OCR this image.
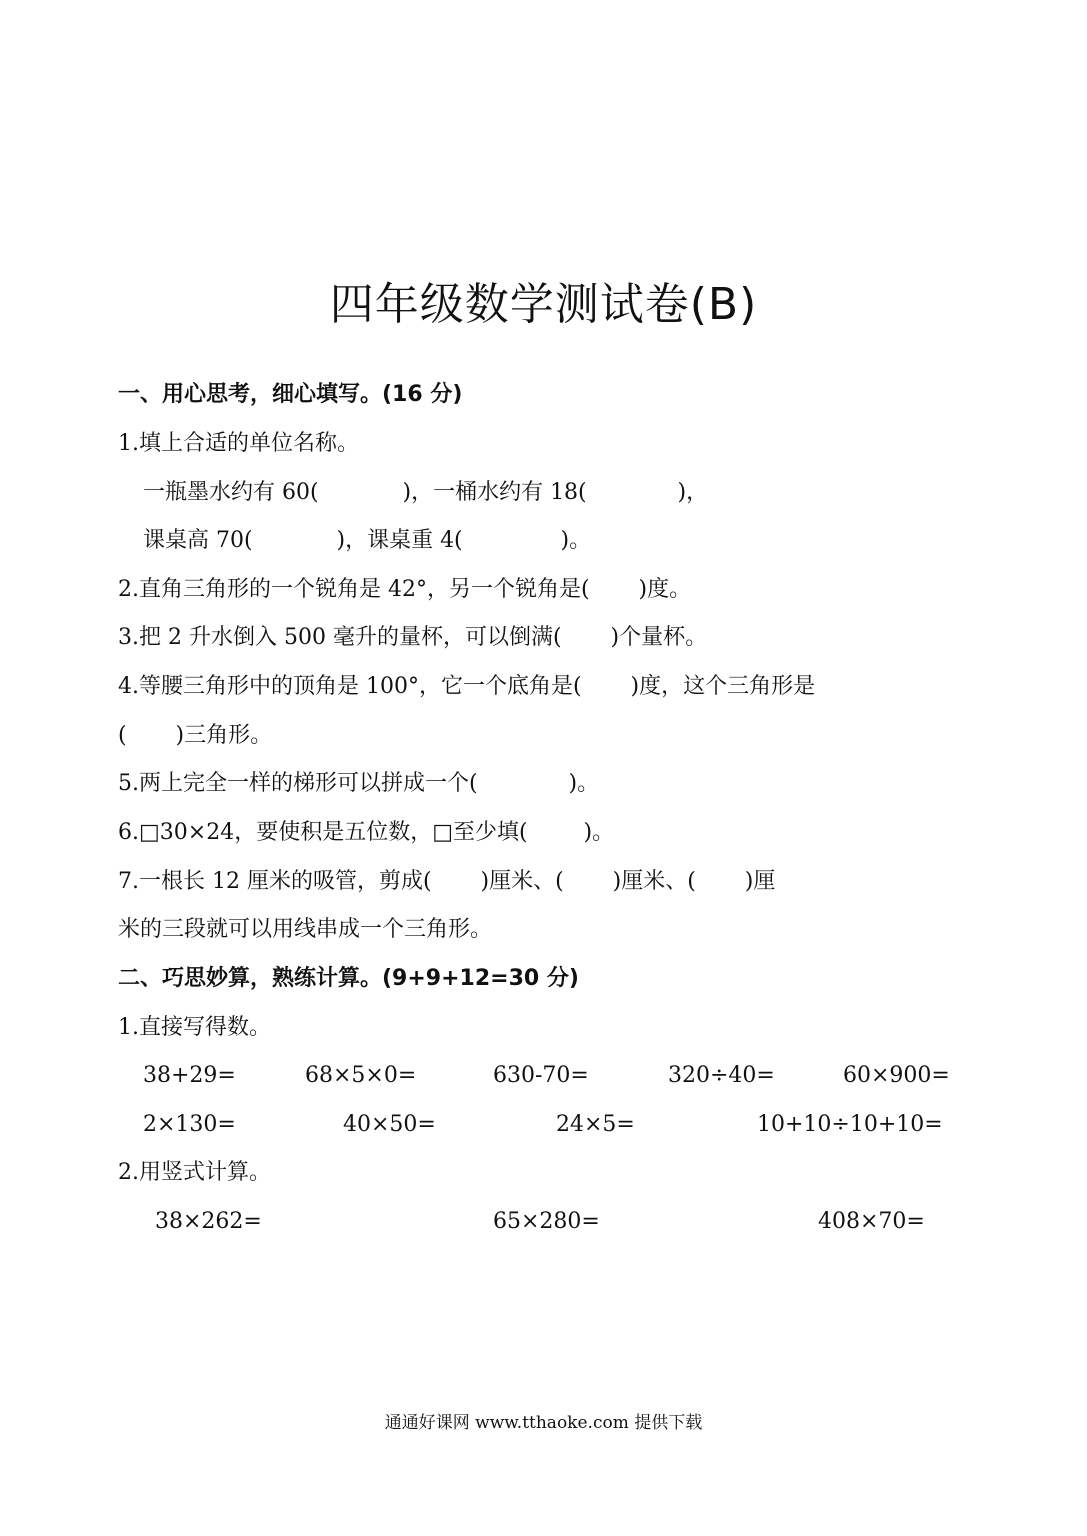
四年级数学测试卷(B)
一、用心思考，细心填写。(16 分)
1.填上合适的单位名称。
一瓶墨水约有 60(            )，一桶水约有 18(             )，
课桌高 70(            )，课桌重 4(              )。
2.直角三角形的一个锐角是 42°，另一个锐角是(       )度。
3.把 2 升水倒入 500 毫升的量杯，可以倒满(       )个量杯。
4.等腰三角形中的顶角是 100°，它一个底角是(       )度，这个三角形是
(       )三角形。
5.两上完全一样的梯形可以拼成一个(             )。
6.□30×24，要使积是五位数，□至少填(        )。
7.一根长 12 厘米的吸管，剪成(       )厘米、(       )厘米、(       )厘
米的三段就可以用线串成一个三角形。
二、巧思妙算，熟练计算。(9+9+12=30 分)
1.直接写得数。
38+29=	68×5×0=	630-70=	320÷40=	60×900=
2×130=	40×50=	24×5=	10+10÷10+10=
2.用竖式计算。
38×262=	65×280=	408×70=
通通好课网 www.tthaoke.com 提供下载
